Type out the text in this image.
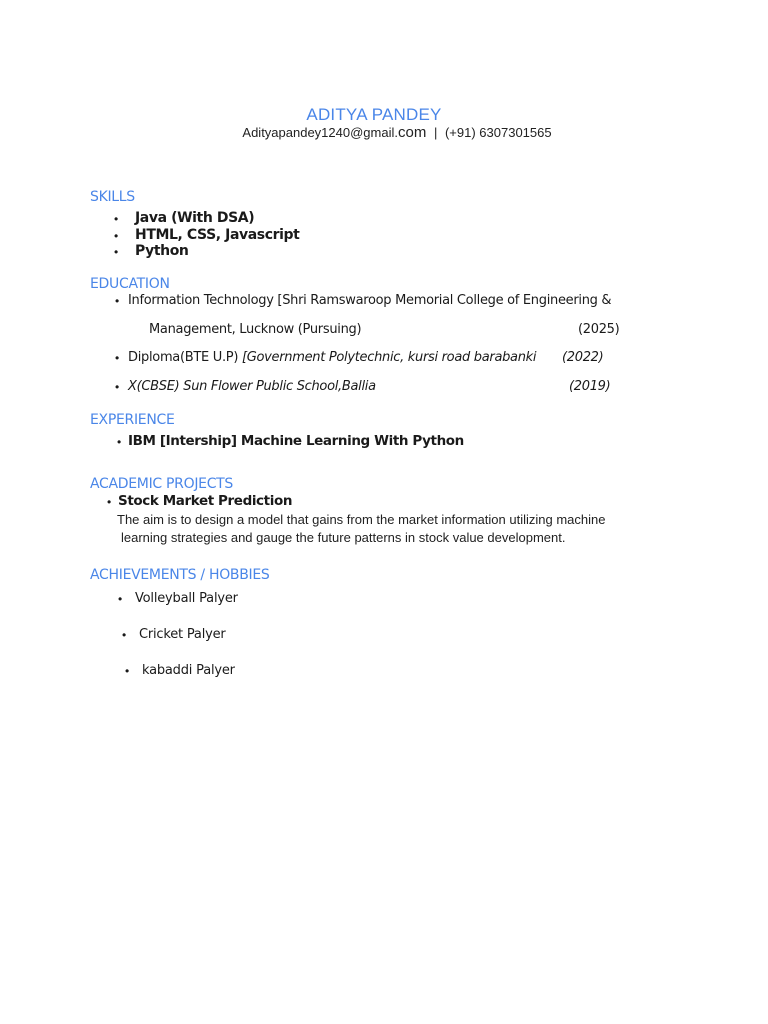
ADITYA PANDEY
Adityapandey1240@gmail.com | (+91) 6307301565
SKILLS
• Java (With DSA)
• HTML, CSS, Javascript
• Python
EDUCATION
• Information Technology [Shri Ramswaroop Memorial College of Engineering &
Management, Lucknow (Pursuing)	(2025)
• Diploma(BTE U.P) [Government Polytechnic, kursi road barabanki (2022)
• X(CBSE) Sun Flower Public School,Ballia	(2019)
EXPERIENCE
• IBM [Intership] Machine Learning With Python
ACADEMIC PROJECTS
• Stock Market Prediction
The aim is to design a model that gains from the market information utilizing machine
learning strategies and gauge the future patterns in stock value development.
ACHIEVEMENTS / HOBBIES
• Volleyball Palyer
• Cricket Palyer
• kabaddi Palyer
